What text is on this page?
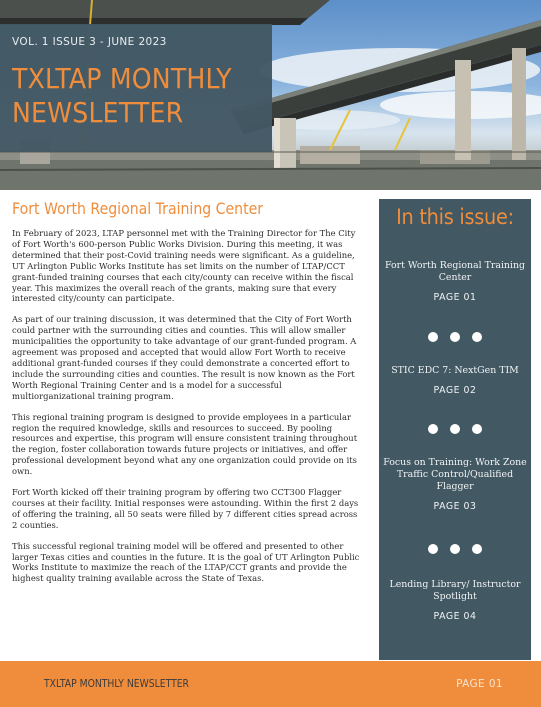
VOL. 1 ISSUE 3 - JUNE 2023
TXLTAP MONTHLY
NEWSLETTER
Fort Worth Regional Training Center

In February of 2023, LTAP personnel met with the Training Director for The City of Fort Worth's 600-person Public Works Division. During this meeting, it was determined that their post-Covid training needs were significant. As a guideline, UT Arlington Public Works Institute has set limits on the number of LTAP/CCT grant-funded training courses that each city/county can receive within the fiscal year. This maximizes the overall reach of the grants, making sure that every interested city/county can participate.

As part of our training discussion, it was determined that the City of Fort Worth could partner with the surrounding cities and counties. This will allow smaller municipalities the opportunity to take advantage of our grant-funded program. A agreement was proposed and accepted that would allow Fort Worth to receive additional grant-funded courses if they could demonstrate a concerted effort to include the surrounding cities and counties. The result is now known as the Fort Worth Regional Training Center and is a model for a successful multiorganizational training program.

This regional training program is designed to provide employees in a particular region the required knowledge, skills and resources to succeed. By pooling resources and expertise, this program will ensure consistent training throughout the region, foster collaboration towards future projects or initiatives, and offer professional development beyond what any one organization could provide on its own.

Fort Worth kicked off their training program by offering two CCT300 Flagger courses at their facility. Initial responses were astounding. Within the first 2 days of offering the training, all 50 seats were filled by 7 different cities spread across 2 counties.

This successful regional training model will be offered and presented to other larger Texas cities and counties in the future. It is the goal of UT Arlington Public Works Institute to maximize the reach of the LTAP/CCT grants and provide the highest quality training available across the State of Texas.

In this issue:
Fort Worth Regional Training Center
PAGE 01
STIC EDC 7: NextGen TIM
PAGE 02
Focus on Training: Work Zone Traffic Control/Qualified Flagger
PAGE 03
Lending Library/ Instructor Spotlight
PAGE 04
TXLTAP MONTHLY NEWSLETTER	PAGE 01
